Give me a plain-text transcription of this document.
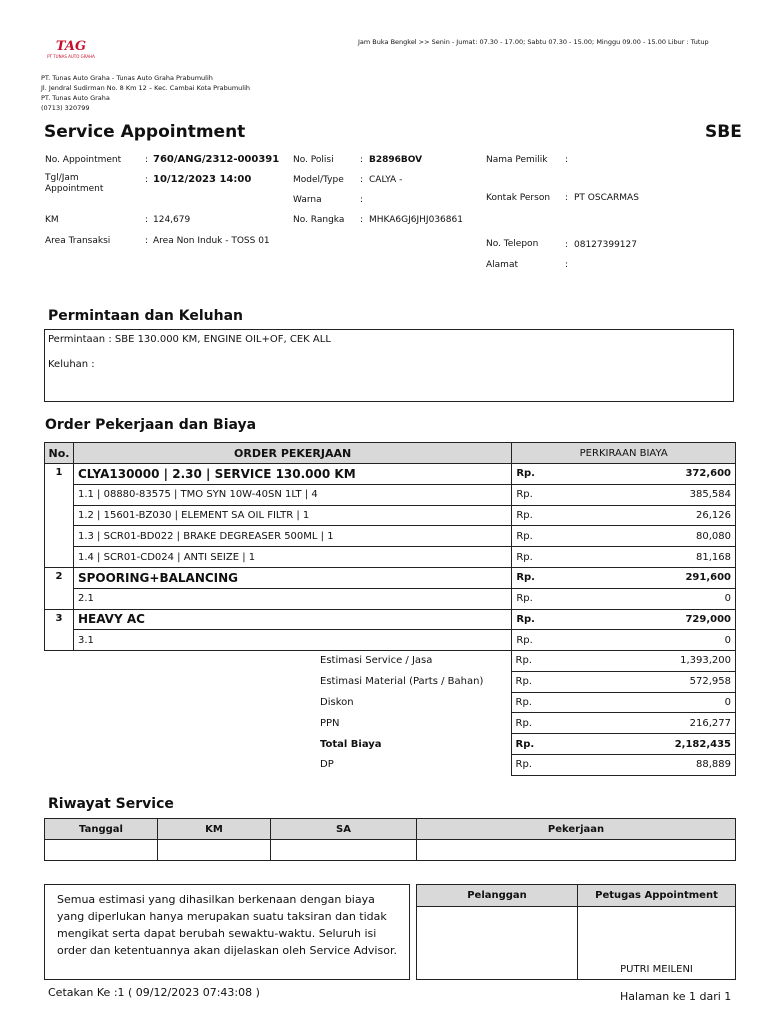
Jam Buka Bengkel >> Senin - Jumat: 07.30 - 17.00; Sabtu 07.30 - 15.00; Minggu 09.00 - 15.00 Libur : Tutup
TAG
PT TUNAS AUTO GRAHA
PT. Tunas Auto Graha - Tunas Auto Graha Prabumulih
Jl. Jendral Sudirman No. 8 Km 12 – Kec. Cambai Kota Prabumulih
PT. Tunas Auto Graha
(0713) 320799
Service Appointment	SBE
No. Appointment	: 760/ANG/2312-000391
Tgl/Jam Appointment
: 10/12/2023 14:00
KM	: 124,679
Area Transaksi	: Area Non Induk - TOSS 01
No. Polisi	: B2896BOV
Model/Type : CALYA -
Warna	:
No. Rangka : MHKA6GJ6JHJ036861
Nama Pemilik :
Kontak Person : PT OSCARMAS
No. Telepon	: 08127399127
Alamat	:
Permintaan dan Keluhan
Permintaan : SBE 130.000 KM, ENGINE OIL+OF, CEK ALL
Keluhan :
Order Pekerjaan dan Biaya
No.	ORDER PEKERJAAN	PERKIRAAN BIAYA	
1	CLYA130000 | 2.30 | SERVICE 130.000 KM	Rp.	372,600
	1.1 | 08880-83575 | TMO SYN 10W-40SN 1LT | 4	Rp.	385,584
	1.2 | 15601-BZ030 | ELEMENT SA OIL FILTR | 1	Rp.	26,126
	1.3 | SCR01-BD022 | BRAKE DEGREASER 500ML | 1	Rp.	80,080
	1.4 | SCR01-CD024 | ANTI SEIZE | 1	Rp.	81,168
2	SPOORING+BALANCING	Rp.	291,600
	2.1	Rp.	0
3	HEAVY AC	Rp.	729,000
	3.1	Rp.	0
Estimasi Service / Jasa	Rp.	1,393,200
Estimasi Material (Parts / Bahan)	Rp.	572,958
Diskon	Rp.	0
PPN	Rp.	216,277
Total Biaya	Rp.	2,182,435
DP	Rp.	88,889
Riwayat Service
Tanggal	KM	SA	Pekerjaan

Semua estimasi yang dihasilkan berkenaan dengan biaya yang diperlukan hanya merupakan suatu taksiran dan tidak mengikat serta dapat berubah sewaktu-waktu. Seluruh isi order dan ketentuannya akan dijelaskan oleh Service Advisor.
Pelanggan	Petugas Appointment
PUTRI MEILENI
Cetakan Ke :1 ( 09/12/2023 07:43:08 )	Halaman ke 1 dari 1
